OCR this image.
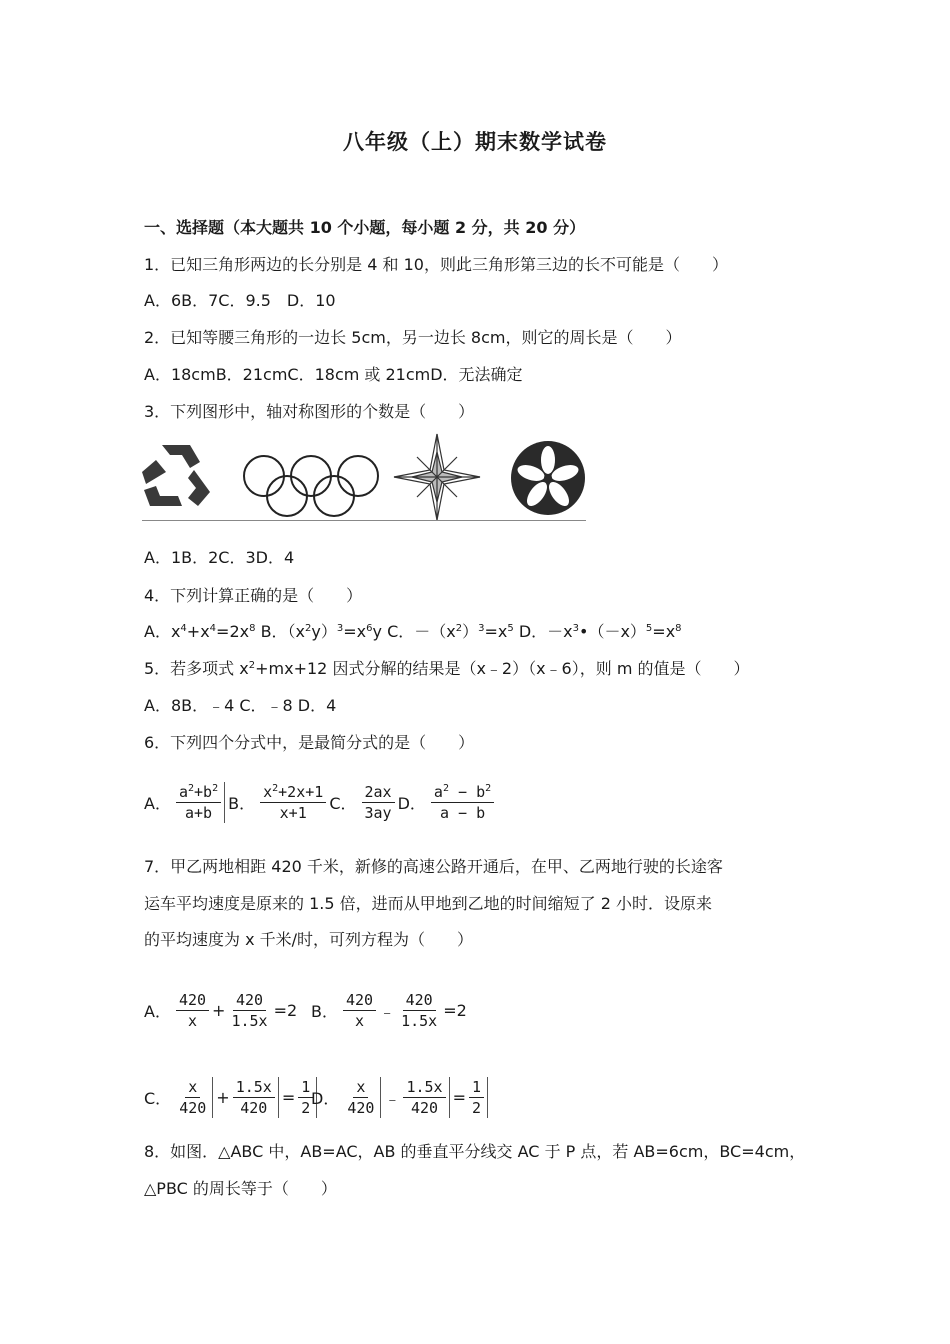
八年级（上）期末数学试卷
一、选择题（本大题共 10 个小题，每小题 2 分，共 20 分）
1．已知三角形两边的长分别是 4 和 10，则此三角形第三边的长不可能是（　　）
A．6B．7C．9.5　D．10
2．已知等腰三角形的一边长 5cm，另一边长 8cm，则它的周长是（　　）
A．18cmB．21cmC．18cm 或 21cmD．无法确定
3．下列图形中，轴对称图形的个数是（　　）
A．1B．2C．3D．4
4．下列计算正确的是（　　）
A．$x^4+x^4=2x^8$ B．$(x^2y)^3=x^6y$ C．$-(x^2)^3=x^5$ D．$-x^3•(-x)^5=x^8$
5．若多项式 $x^2+mx+12$ 因式分解的结果是（x﹣2）（x﹣6），则 m 的值是（　　）
A．8B．﹣4 C．﹣8 D．4
6．下列四个分式中，是最简分式的是（　　）
A． $\frac{a^2+b^2}{a+b}$ B． $\frac{x^2+2x+1}{x+1}$ C． $\frac{2ax}{3ay}$ D． $\frac{a^2 - b^2}{a - b}$
7．甲乙两地相距 420 千米，新修的高速公路开通后，在甲、乙两地行驶的长途客
运车平均速度是原来的 1.5 倍，进而从甲地到乙地的时间缩短了 2 小时．设原来
的平均速度为 x 千米/时，可列方程为（　　）
A． $\frac{420}{x} + \frac{420}{1.5x} =2$ B． $\frac{420}{x}$ ﹣ $\frac{420}{1.5x} =2$
C． $\frac{x}{420} + \frac{1.5x}{420} = \frac{1}{2}$
D． $\frac{x}{420}$ ﹣ $\frac{1.5x}{420} = \frac{1}{2}$
8．如图．△ABC 中，AB=AC，AB 的垂直平分线交 AC 于 P 点，若 AB=6cm，BC=4cm，
△PBC 的周长等于（　　）
